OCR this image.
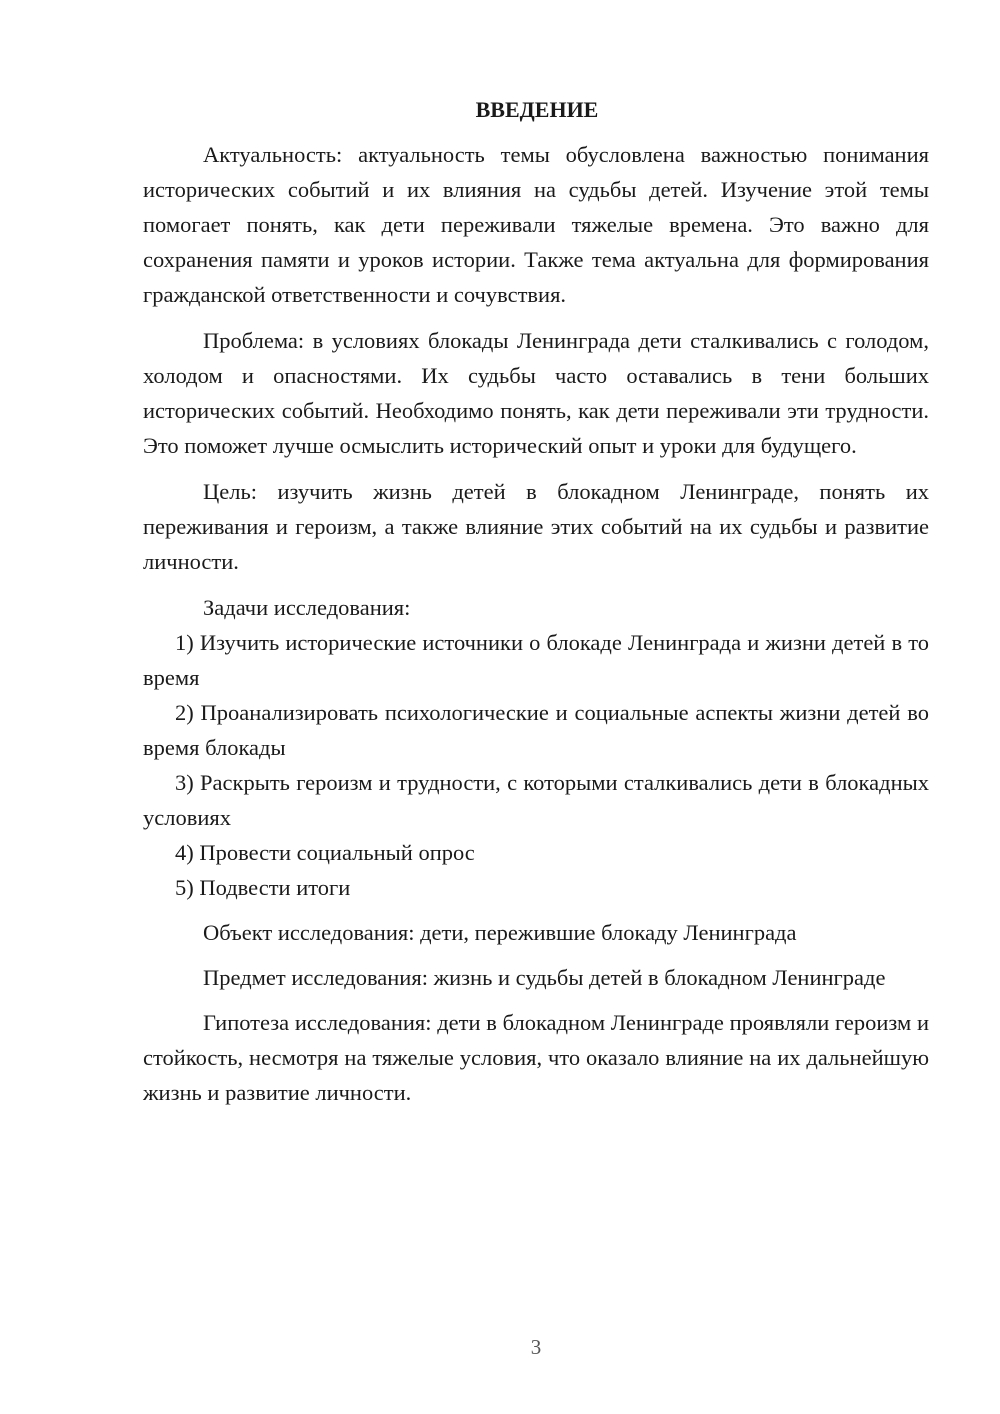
ВВЕДЕНИЕ

Актуальность: актуальность темы обусловлена важностью понимания исторических событий и их влияния на судьбы детей. Изучение этой темы помогает понять, как дети переживали тяжелые времена. Это важно для сохранения памяти и уроков истории. Также тема актуальна для формирования гражданской ответственности и сочувствия.

Проблема: в условиях блокады Ленинграда дети сталкивались с голодом, холодом и опасностями. Их судьбы часто оставались в тени больших исторических событий. Необходимо понять, как дети переживали эти трудности. Это поможет лучше осмыслить исторический опыт и уроки для будущего.

Цель: изучить жизнь детей в блокадном Ленинграде, понять их переживания и героизм, а также влияние этих событий на их судьбы и развитие личности.

Задачи исследования:

1) Изучить исторические источники о блокаде Ленинграда и жизни детей в то время

2) Проанализировать психологические и социальные аспекты жизни детей во время блокады

3) Раскрыть героизм и трудности, с которыми сталкивались дети в блокадных условиях

4) Провести социальный опрос

5) Подвести итоги

Объект исследования: дети, пережившие блокаду Ленинграда

Предмет исследования: жизнь и судьбы детей в блокадном Ленинграде

Гипотеза исследования: дети в блокадном Ленинграде проявляли героизм и стойкость, несмотря на тяжелые условия, что оказало влияние на их дальнейшую жизнь и развитие личности.

3
